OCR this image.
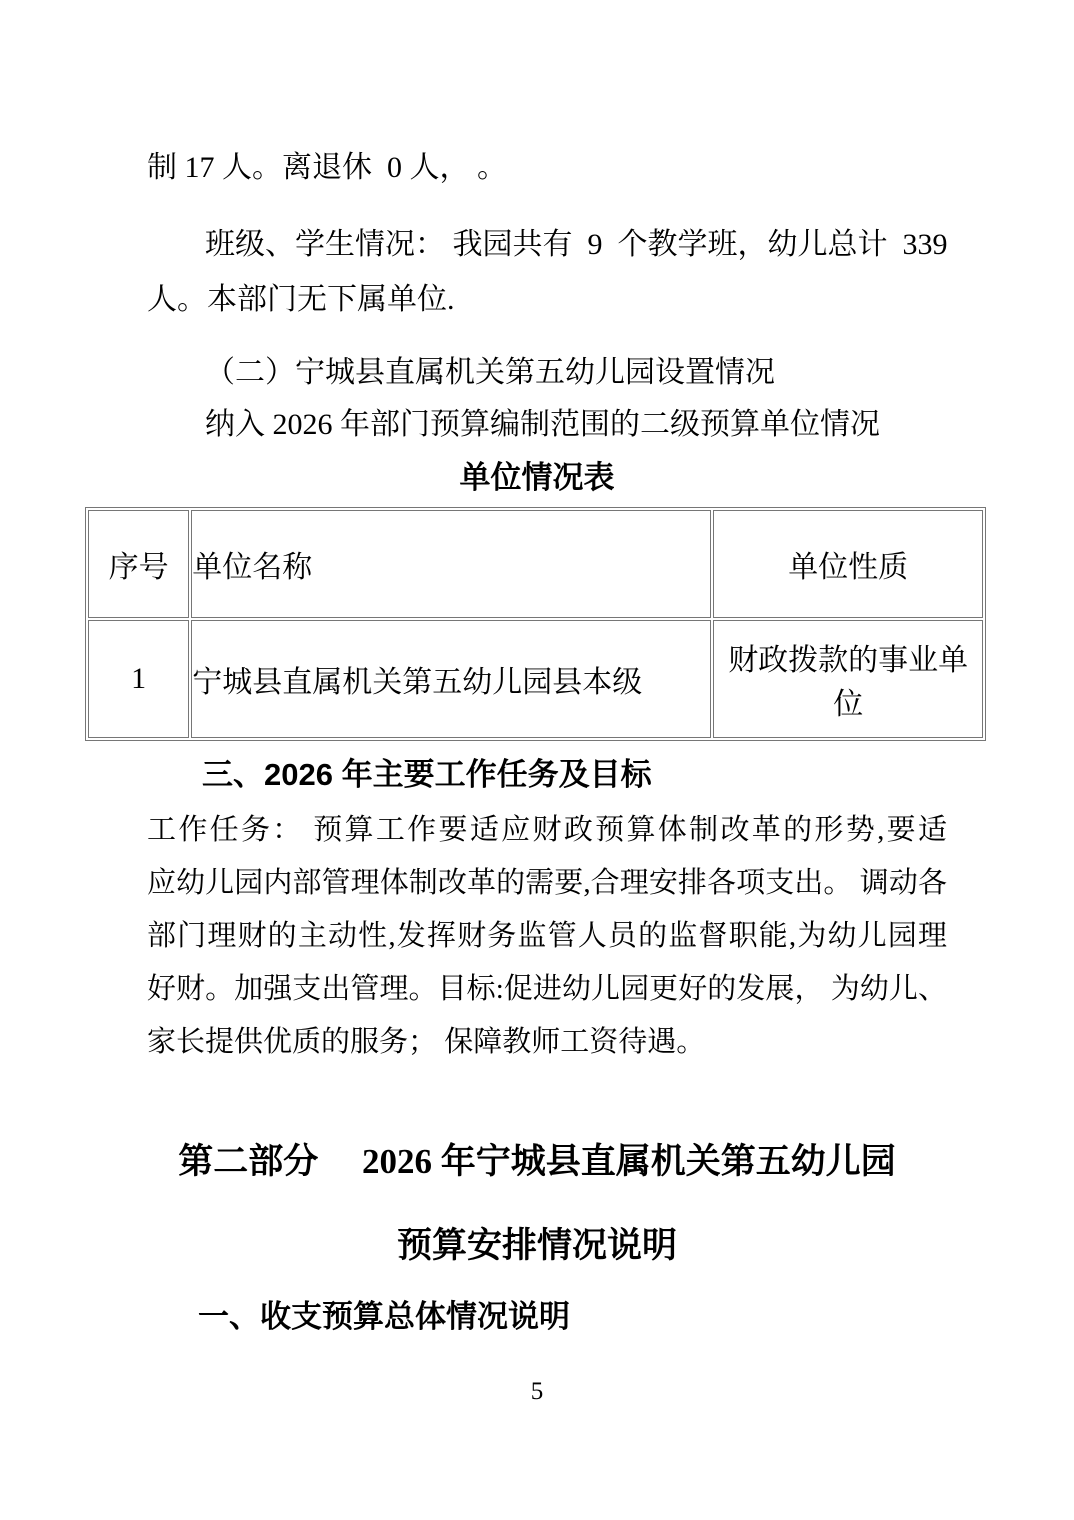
制 17 人。离退休  0 人， 。
班级、学生情况： 我园共有  9  个教学班，幼儿总计  339
人。本部门无下属单位.
（二）宁城县直属机关第五幼儿园设置情况
纳入 2026 年部门预算编制范围的二级预算单位情况
单位情况表
序号	单位名称	单位性质
1	宁城县直属机关第五幼儿园县本级	财政拨款的事业单位
三、2026 年主要工作任务及目标
工作任务： 预算工作要适应财政预算体制改革的形势,要适
应幼儿园内部管理体制改革的需要,合理安排各项支出。 调动各
部门理财的主动性,发挥财务监管人员的监督职能,为幼儿园理
好财。加强支出管理。目标:促进幼儿园更好的发展， 为幼儿、
家长提供优质的服务； 保障教师工资待遇。
第二部分　 2026 年宁城县直属机关第五幼儿园
预算安排情况说明
一、收支预算总体情况说明
5
